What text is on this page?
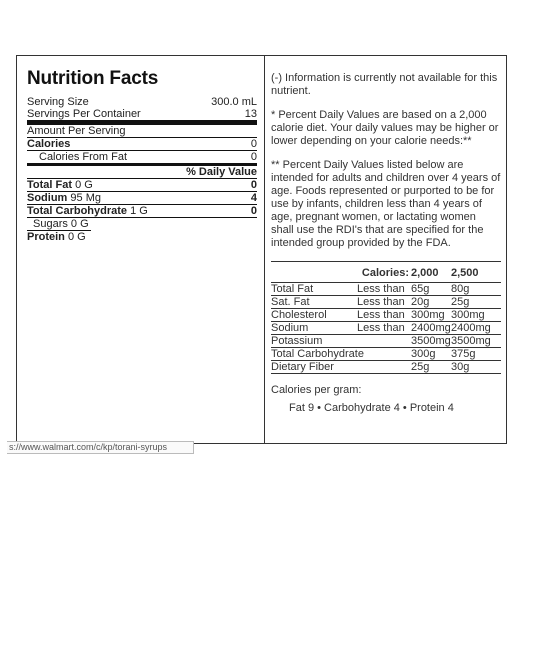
Nutrition Facts
Serving Size	300.0 mL
Servings Per Container	13
Amount Per Serving
Calories	0
Calories From Fat	0
% Daily Value
Total Fat 0 G	0
Sodium 95 Mg	4
Total Carbohydrate 1 G	0
Sugars 0 G
Protein 0 G

(-) Information is currently not available for this nutrient.

* Percent Daily Values are based on a 2,000 calorie diet. Your daily values may be higher or lower depending on your calorie needs:**

** Percent Daily Values listed below are intended for adults and children over 4 years of age. Foods represented or purported to be for use by infants, children less than 4 years of age, pregnant women, or lactating women shall use the RDI's that are specified for the intended group provided by the FDA.

	Calories:	2,000	2,500
Total Fat	Less than	65g	80g
Sat. Fat	Less than	20g	25g
Cholesterol	Less than	300mg	300mg
Sodium	Less than	2400mg	2400mg
Potassium		3500mg	3500mg
Total Carbohydrate		300g	375g
Dietary Fiber		25g	30g
Calories per gram:
Fat 9 • Carbohydrate 4 • Protein 4
s://www.walmart.com/c/kp/torani-syrups
